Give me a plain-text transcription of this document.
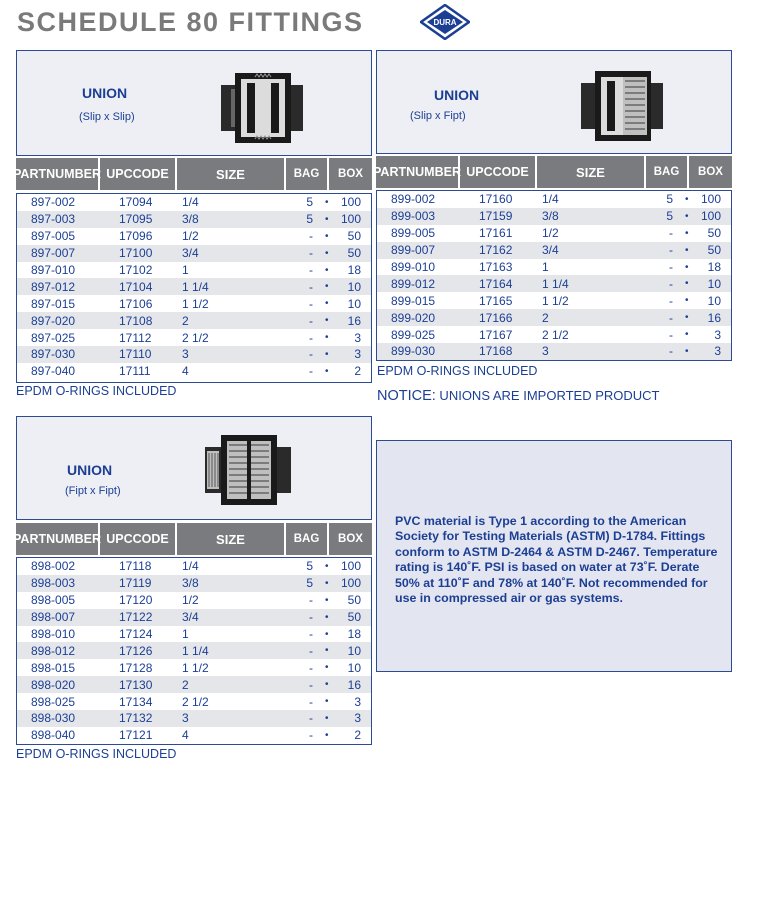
SCHEDULE 80 FITTINGS	DURA
UNION
(Slip x Slip)
PART NUMBER UPC CODE	SIZE	BAG	BOX
897-002	17094 1/4	5 • 100
897-003	17095 3/8	5 • 100
897-005	17096 1/2	- • 50
897-007	17100 3/4	- • 50
897-010	17102 1	- • 18
897-012	17104 1 1/4	- • 10
897-015	17106 1 1/2	- • 10
897-020	17108 2	- • 16
897-025	17112	2 1/2	- • 3
897-030	17110	3	- • 3
897-040	17111	4	- • 2
EPDM O-RINGS INCLUDED
UNION
(Slip x Fipt)
PART NUMBER UPC CODE	SIZE	BAG	BOX
899-002	17160 1/4	5 • 100
899-003	17159 3/8	5 • 100
899-005	17161 1/2	- • 50
899-007	17162 3/4	- • 50
899-010	17163 1	- • 18
899-012	17164 1 1/4	- • 10
899-015	17165 1 1/2	- • 10
899-020	17166 2	- • 16
899-025	17167 2 1/2	- • 3
899-030	17168 3	- • 3
EPDM O-RINGS INCLUDED
NOTICE: UNIONS ARE IMPORTED PRODUCT
UNION
(Fipt x Fipt)
PART NUMBER UPC CODE	SIZE	BAG	BOX
898-002	17118	1/4	5 • 100
898-003	17119	3/8	5 • 100
898-005	17120 1/2	- • 50
898-007	17122 3/4	- • 50
898-010	17124 1	- • 18
898-012	17126 1 1/4	- • 10
898-015	17128 1 1/2	- • 10
898-020	17130 2	- • 16
898-025	17134 2 1/2	- • 3
898-030	17132 3	- • 3
898-040	17121 4	- • 2
EPDM O-RINGS INCLUDED
PVC material is Type 1 according to the American Society for Testing Materials (ASTM) D-1784. Fittings conform to ASTM D-2464 & ASTM D-2467. Temperature rating is 140˚F. PSI is based on water at 73˚F. Derate 50% at 110˚F and 78% at 140˚F. Not recommended for use in compressed air or gas systems.
